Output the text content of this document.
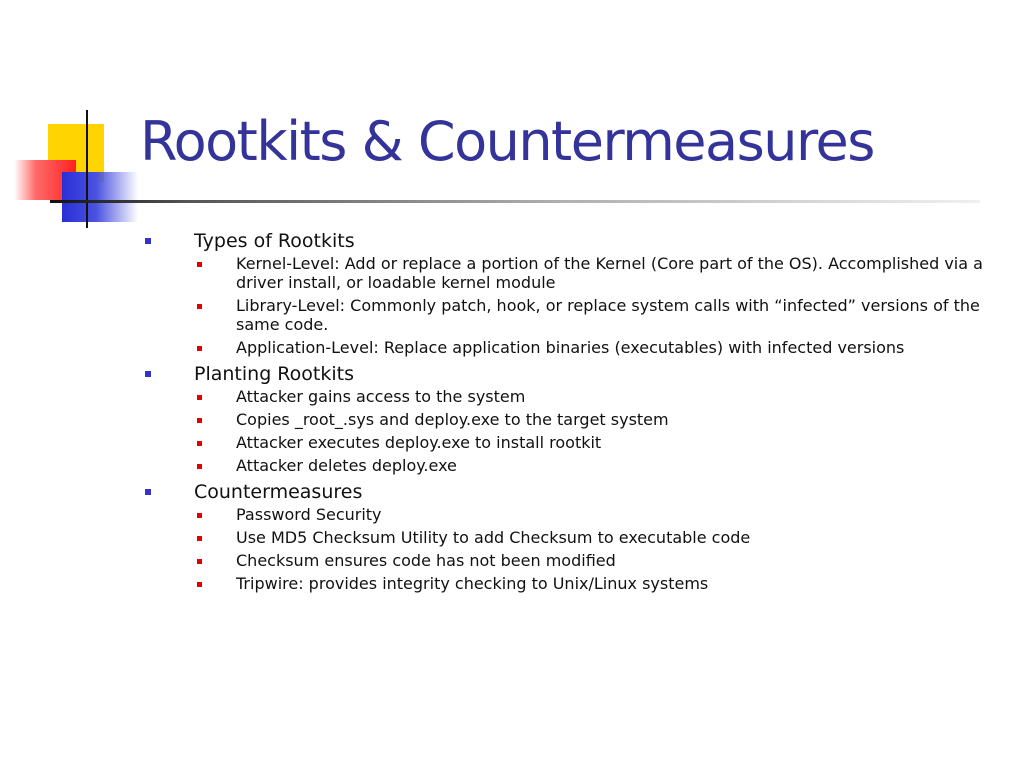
Rootkits & Countermeasures
Types of Rootkits
Kernel-Level: Add or replace a portion of the Kernel (Core part of the OS). Accomplished via a driver install, or loadable kernel module
Library-Level: Commonly patch, hook, or replace system calls with “infected” versions of the same code.
Application-Level: Replace application binaries (executables) with infected versions
Planting Rootkits
Attacker gains access to the system
Copies _root_.sys and deploy.exe to the target system
Attacker executes deploy.exe to install rootkit
Attacker deletes deploy.exe
Countermeasures
Password Security
Use MD5 Checksum Utility to add Checksum to executable code
Checksum ensures code has not been modified
Tripwire: provides integrity checking to Unix/Linux systems
